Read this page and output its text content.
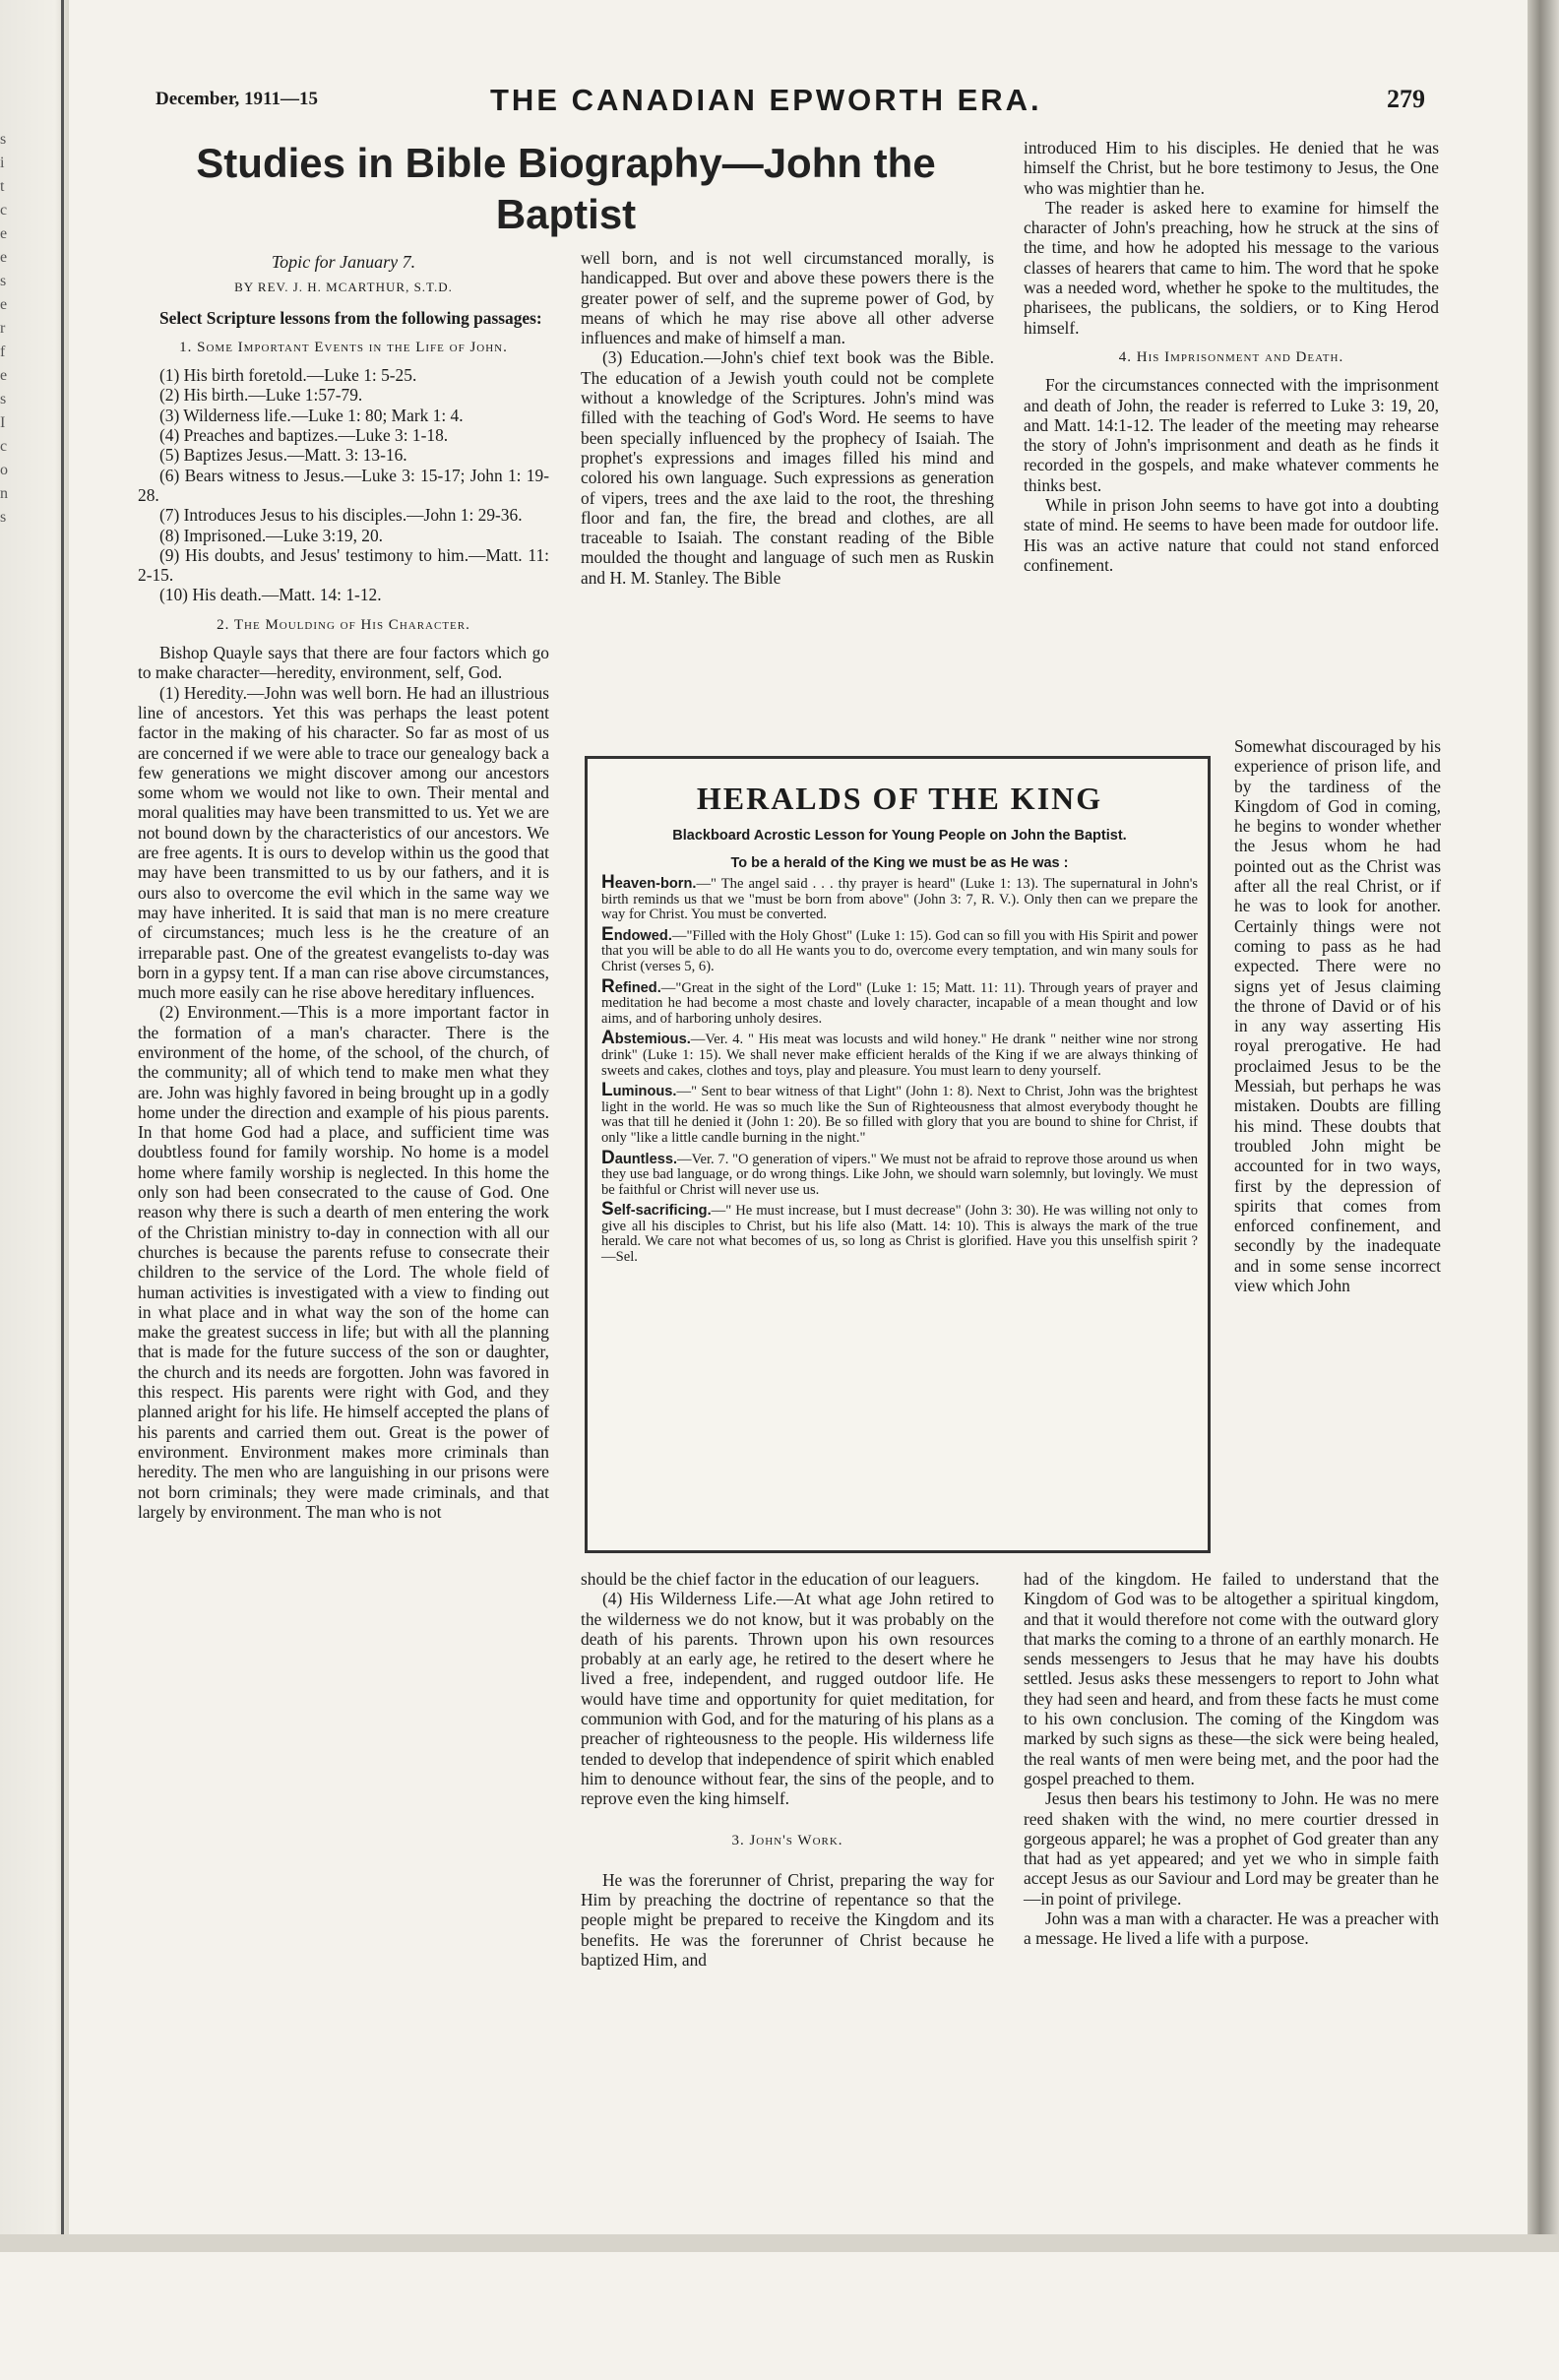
s
i
t
c
e
e
s
e
r
f
e
s
I
c
o
n
s
December, 1911—15	THE CANADIAN EPWORTH ERA.	279
Studies in Bible Biography—John the Baptist
Topic for January 7.
BY REV. J. H. MCARTHUR, S.T.D.

Select Scripture lessons from the following passages:

1. Some Important Events in the Life of John.

(1) His birth foretold.—Luke 1: 5-25.

(2) His birth.—Luke 1:57-79.

(3) Wilderness life.—Luke 1: 80; Mark 1: 4.

(4) Preaches and baptizes.—Luke 3: 1-18.

(5) Baptizes Jesus.—Matt. 3: 13-16.

(6) Bears witness to Jesus.—Luke 3: 15-17; John 1: 19-28.

(7) Introduces Jesus to his disciples.—John 1: 29-36.

(8) Imprisoned.—Luke 3:19, 20.

(9) His doubts, and Jesus' testimony to him.—Matt. 11: 2-15.

(10) His death.—Matt. 14: 1-12.

2. The Moulding of His Character.

Bishop Quayle says that there are four factors which go to make character—heredity, environment, self, God.

(1) Heredity.—John was well born. He had an illustrious line of ancestors. Yet this was perhaps the least potent factor in the making of his character. So far as most of us are concerned if we were able to trace our genealogy back a few generations we might discover among our ancestors some whom we would not like to own. Their mental and moral qualities may have been transmitted to us. Yet we are not bound down by the characteristics of our ancestors. We are free agents. It is ours to develop within us the good that may have been transmitted to us by our fathers, and it is ours also to overcome the evil which in the same way we may have inherited. It is said that man is no mere creature of circumstances; much less is he the creature of an irreparable past. One of the greatest evangelists to-day was born in a gypsy tent. If a man can rise above circumstances, much more easily can he rise above hereditary influences.

(2) Environment.—This is a more important factor in the formation of a man's character. There is the environment of the home, of the school, of the church, of the community; all of which tend to make men what they are. John was highly favored in being brought up in a godly home under the direction and example of his pious parents. In that home God had a place, and sufficient time was doubtless found for family worship. No home is a model home where family worship is neglected. In this home the only son had been consecrated to the cause of God. One reason why there is such a dearth of men entering the work of the Christian ministry to-day in connection with all our churches is because the parents refuse to consecrate their children to the service of the Lord. The whole field of human activities is investigated with a view to finding out in what place and in what way the son of the home can make the greatest success in life; but with all the planning that is made for the future success of the son or daughter, the church and its needs are forgotten. John was favored in this respect. His parents were right with God, and they planned aright for his life. He himself accepted the plans of his parents and carried them out. Great is the power of environment. Environment makes more criminals than heredity. The men who are languishing in our prisons were not born criminals; they were made criminals, and that largely by environment. The man who is not

well born, and is not well circumstanced morally, is handicapped. But over and above these powers there is the greater power of self, and the supreme power of God, by means of which he may rise above all other adverse influences and make of himself a man.

(3) Education.—John's chief text book was the Bible. The education of a Jewish youth could not be complete without a knowledge of the Scriptures. John's mind was filled with the teaching of God's Word. He seems to have been specially influenced by the prophecy of Isaiah. The prophet's expressions and images filled his mind and colored his own language. Such expressions as generation of vipers, trees and the axe laid to the root, the threshing floor and fan, the fire, the bread and clothes, are all traceable to Isaiah. The constant reading of the Bible moulded the thought and language of such men as Ruskin and H. M. Stanley. The Bible

introduced Him to his disciples. He denied that he was himself the Christ, but he bore testimony to Jesus, the One who was mightier than he.

The reader is asked here to examine for himself the character of John's preaching, how he struck at the sins of the time, and how he adopted his message to the various classes of hearers that came to him. The word that he spoke was a needed word, whether he spoke to the multitudes, the pharisees, the publicans, the soldiers, or to King Herod himself.

4. His Imprisonment and Death.

For the circumstances connected with the imprisonment and death of John, the reader is referred to Luke 3: 19, 20, and Matt. 14:1-12. The leader of the meeting may rehearse the story of John's imprisonment and death as he finds it recorded in the gospels, and make whatever comments he thinks best.

While in prison John seems to have got into a doubting state of mind. He seems to have been made for outdoor life. His was an active nature that could not stand enforced confinement.

Somewhat discouraged by his experience of prison life, and by the tardiness of the Kingdom of God in coming, he begins to wonder whether the Jesus whom he had pointed out as the Christ was after all the real Christ, or if he was to look for another. Certainly things were not coming to pass as he had expected. There were no signs yet of Jesus claiming the throne of David or of his in any way asserting His royal prerogative. He had proclaimed Jesus to be the Messiah, but perhaps he was mistaken. Doubts are filling his mind. These doubts that troubled John might be accounted for in two ways, first by the depression of spirits that comes from enforced confinement, and secondly by the inadequate and in some sense incorrect view which John

HERALDS OF THE KING
Blackboard Acrostic Lesson for Young People on John the Baptist.
To be a herald of the King we must be as He was :
Heaven-born.—" The angel said . . . thy prayer is heard" (Luke 1: 13). The supernatural in John's birth reminds us that we "must be born from above" (John 3: 7, R. V.). Only then can we prepare the way for Christ. You must be converted.
Endowed.—"Filled with the Holy Ghost" (Luke 1: 15). God can so fill you with His Spirit and power that you will be able to do all He wants you to do, overcome every temptation, and win many souls for Christ (verses 5, 6).
Refined.—"Great in the sight of the Lord" (Luke 1: 15; Matt. 11: 11). Through years of prayer and meditation he had become a most chaste and lovely character, incapable of a mean thought and low aims, and of harboring unholy desires.
Abstemious.—Ver. 4. " His meat was locusts and wild honey." He drank " neither wine nor strong drink" (Luke 1: 15). We shall never make efficient heralds of the King if we are always thinking of sweets and cakes, clothes and toys, play and pleasure. You must learn to deny yourself.
Luminous.—" Sent to bear witness of that Light" (John 1: 8). Next to Christ, John was the brightest light in the world. He was so much like the Sun of Righteousness that almost everybody thought he was that till he denied it (John 1: 20). Be so filled with glory that you are bound to shine for Christ, if only "like a little candle burning in the night."
Dauntless.—Ver. 7. "O generation of vipers." We must not be afraid to reprove those around us when they use bad language, or do wrong things. Like John, we should warn solemnly, but lovingly. We must be faithful or Christ will never use us.
Self-sacrificing.—" He must increase, but I must decrease" (John 3: 30). He was willing not only to give all his disciples to Christ, but his life also (Matt. 14: 10). This is always the mark of the true herald. We care not what becomes of us, so long as Christ is glorified. Have you this unselfish spirit ?—Sel.

should be the chief factor in the education of our leaguers.

(4) His Wilderness Life.—At what age John retired to the wilderness we do not know, but it was probably on the death of his parents. Thrown upon his own resources probably at an early age, he retired to the desert where he lived a free, independent, and rugged outdoor life. He would have time and opportunity for quiet meditation, for communion with God, and for the maturing of his plans as a preacher of righteousness to the people. His wilderness life tended to develop that independence of spirit which enabled him to denounce without fear, the sins of the people, and to reprove even the king himself.

3. John's Work.

He was the forerunner of Christ, preparing the way for Him by preaching the doctrine of repentance so that the people might be prepared to receive the Kingdom and its benefits. He was the forerunner of Christ because he baptized Him, and

had of the kingdom. He failed to understand that the Kingdom of God was to be altogether a spiritual kingdom, and that it would therefore not come with the outward glory that marks the coming to a throne of an earthly monarch. He sends messengers to Jesus that he may have his doubts settled. Jesus asks these messengers to report to John what they had seen and heard, and from these facts he must come to his own conclusion. The coming of the Kingdom was marked by such signs as these—the sick were being healed, the real wants of men were being met, and the poor had the gospel preached to them.

Jesus then bears his testimony to John. He was no mere reed shaken with the wind, no mere courtier dressed in gorgeous apparel; he was a prophet of God greater than any that had as yet appeared; and yet we who in simple faith accept Jesus as our Saviour and Lord may be greater than he—in point of privilege.

John was a man with a character. He was a preacher with a message. He lived a life with a purpose.
